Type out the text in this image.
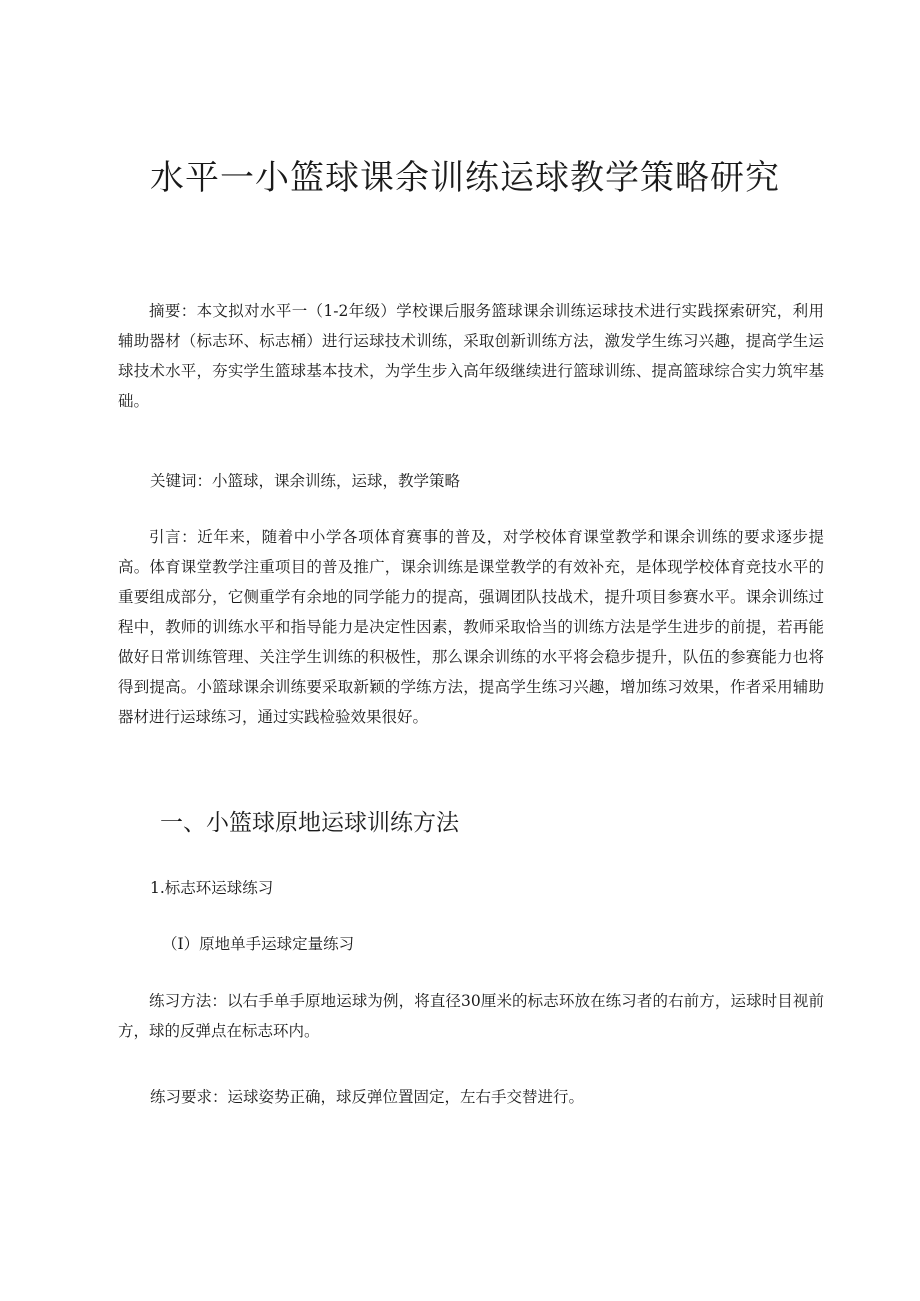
水平一小篮球课余训练运球教学策略研究
摘要：本文拟对水平一（1-2年级）学校课后服务篮球课余训练运球技术进行实践探索研究，利用辅助器材（标志环、标志桶）进行运球技术训练，采取创新训练方法，激发学生练习兴趣，提高学生运球技术水平，夯实学生篮球基本技术，为学生步入高年级继续进行篮球训练、提高篮球综合实力筑牢基础。
关键词：小篮球，课余训练，运球，教学策略
引言：近年来，随着中小学各项体育赛事的普及，对学校体育课堂教学和课余训练的要求逐步提高。体育课堂教学注重项目的普及推广，课余训练是课堂教学的有效补充，是体现学校体育竞技水平的重要组成部分，它侧重学有余地的同学能力的提高，强调团队技战术，提升项目参赛水平。课余训练过程中，教师的训练水平和指导能力是决定性因素，教师采取恰当的训练方法是学生进步的前提，若再能做好日常训练管理、关注学生训练的积极性，那么课余训练的水平将会稳步提升，队伍的参赛能力也将得到提高。小篮球课余训练要采取新颖的学练方法，提高学生练习兴趣，增加练习效果，作者采用辅助器材进行运球练习，通过实践检验效果很好。
一、小篮球原地运球训练方法
1.标志环运球练习
（I）原地单手运球定量练习
练习方法：以右手单手原地运球为例，将直径30厘米的标志环放在练习者的右前方，运球时目视前方，球的反弹点在标志环内。
练习要求：运球姿势正确，球反弹位置固定，左右手交替进行。
